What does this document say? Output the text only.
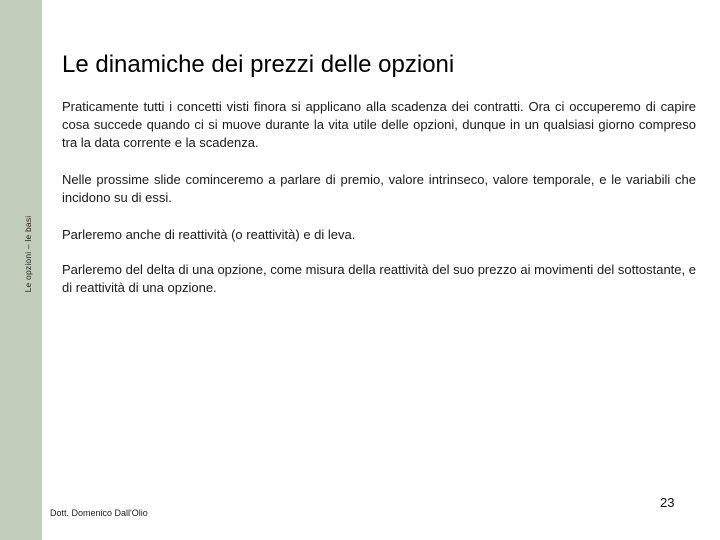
Le opzioni – le basi
Le dinamiche dei prezzi delle opzioni

Praticamente tutti i concetti visti finora si applicano alla scadenza dei contratti. Ora ci occuperemo di capire cosa succede quando ci si muove durante la vita utile delle opzioni, dunque in un qualsiasi giorno compreso tra la data corrente e la scadenza.

Nelle prossime slide cominceremo a parlare di premio, valore intrinseco, valore temporale, e le variabili che incidono su di essi.

Parleremo anche di reattività (o reattività) e di leva.

Parleremo del delta di una opzione, come misura della reattività del suo prezzo ai movimenti del sottostante, e di reattività di una opzione.

Dott. Domenico Dall'Olio
23
